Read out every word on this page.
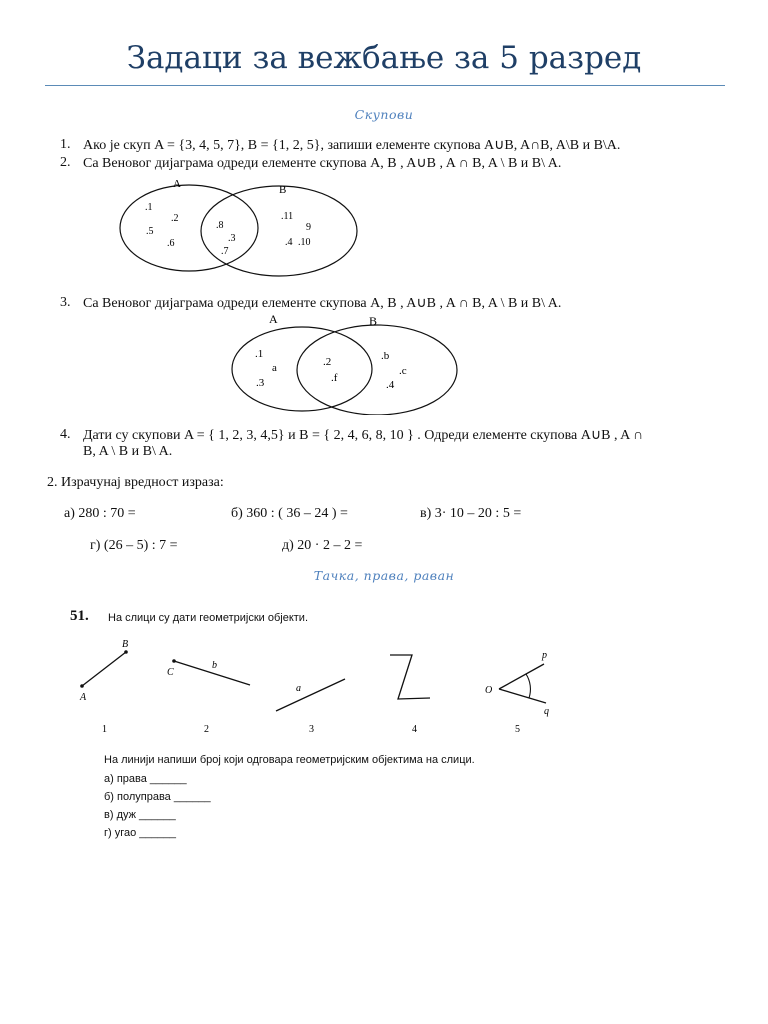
Задаци за вежбање за 5 разред
Скупови
1. Ако је скуп A = {3, 4, 5, 7}, B = {1, 2, 5}, запиши елементе скупова A∪B, A∩B, A\B и B\A.
2. Са Веновог дијаграма одреди елементе скупова A, B , A∪B , A ∩ B, A \ B и B\ A.
A	B
.1
.2
.5
.6
.8
.3
.7
.11
9
.4 .10
3. Са Веновог дијаграма одреди елементе скупова A, B , A∪B , A ∩ B, A \ B и B\ A.
A	B
.1
a
.3
.2
.f
.b
.c
.4
4. Дати су скупови A = { 1, 2, 3, 4,5} и B = { 2, 4, 6, 8, 10 } . Одреди елементе скупова A∪B , A ∩
B, A \ B и B\ A.
2. Израчунај вредност израза:
а) 280 : 70 =	б) 360 : ( 36 – 24 ) =	в) 3· 10 – 20 : 5 =
г) (26 – 5) : 7 =	д) 20 · 2 – 2 =
Тачка, права, раван
51. На слици су дати геометријски објекти.
A
B
C
b
a	O
p
q
1	2	3	4	5
На линији напиши број који одговара геометријским објектима на слици.
а) права ______
б) полуправа ______
в) дуж ______
г) угао ______
